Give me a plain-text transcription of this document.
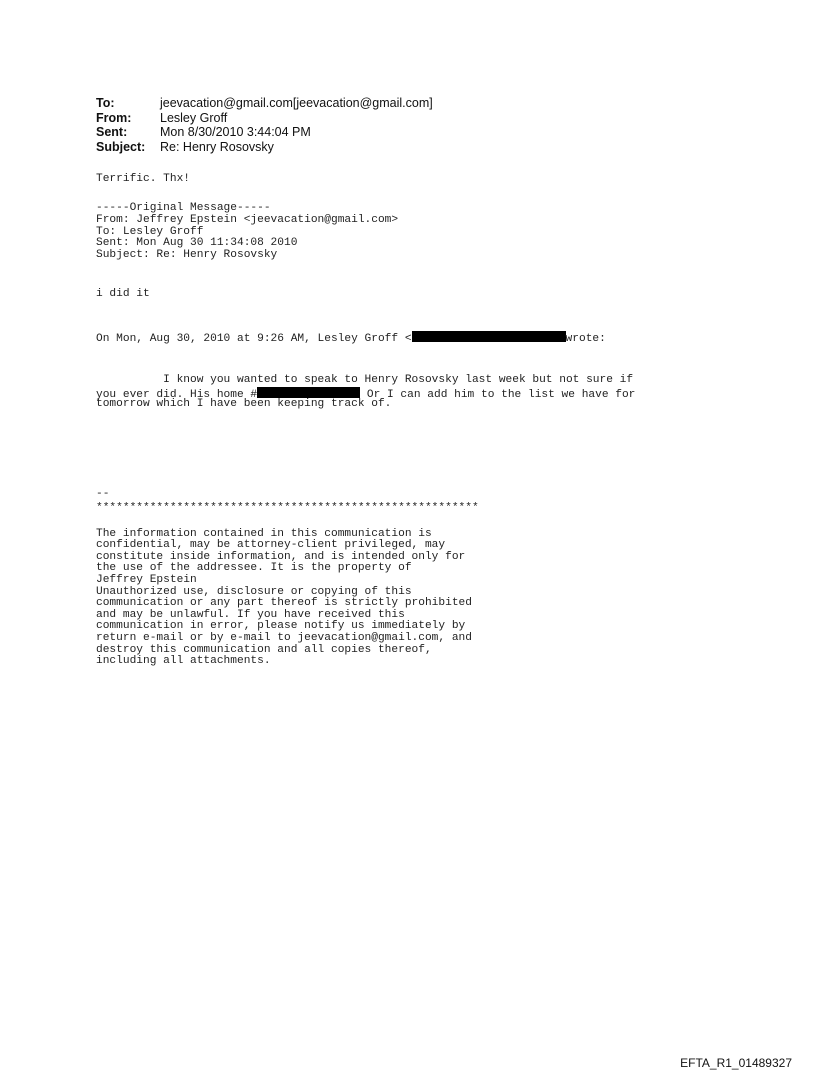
To:	jeevacation@gmail.com[jeevacation@gmail.com]
From:	Lesley Groff
Sent:	Mon 8/30/2010 3:44:04 PM
Subject:	Re: Henry Rosovsky
Terrific. Thx!
-----Original Message-----
From: Jeffrey Epstein <jeevacation@gmail.com>
To: Lesley Groff
Sent: Mon Aug 30 11:34:08 2010
Subject: Re: Henry Rosovsky
i did it
On Mon, Aug 30, 2010 at 9:26 AM, Lesley Groff <	wrote:
I know you wanted to speak to Henry Rosovsky last week but not sure if
you ever did. His home #	Or I can add him to the list we have for
tomorrow which I have been keeping track of.
--
*********************************************************

The information contained in this communication is
confidential, may be attorney-client privileged, may
constitute inside information, and is intended only for
the use of the addressee. It is the property of
Jeffrey Epstein
Unauthorized use, disclosure or copying of this
communication or any part thereof is strictly prohibited
and may be unlawful. If you have received this
communication in error, please notify us immediately by
return e-mail or by e-mail to jeevacation@gmail.com, and
destroy this communication and all copies thereof,
including all attachments.

EFTA_R1_01489327
